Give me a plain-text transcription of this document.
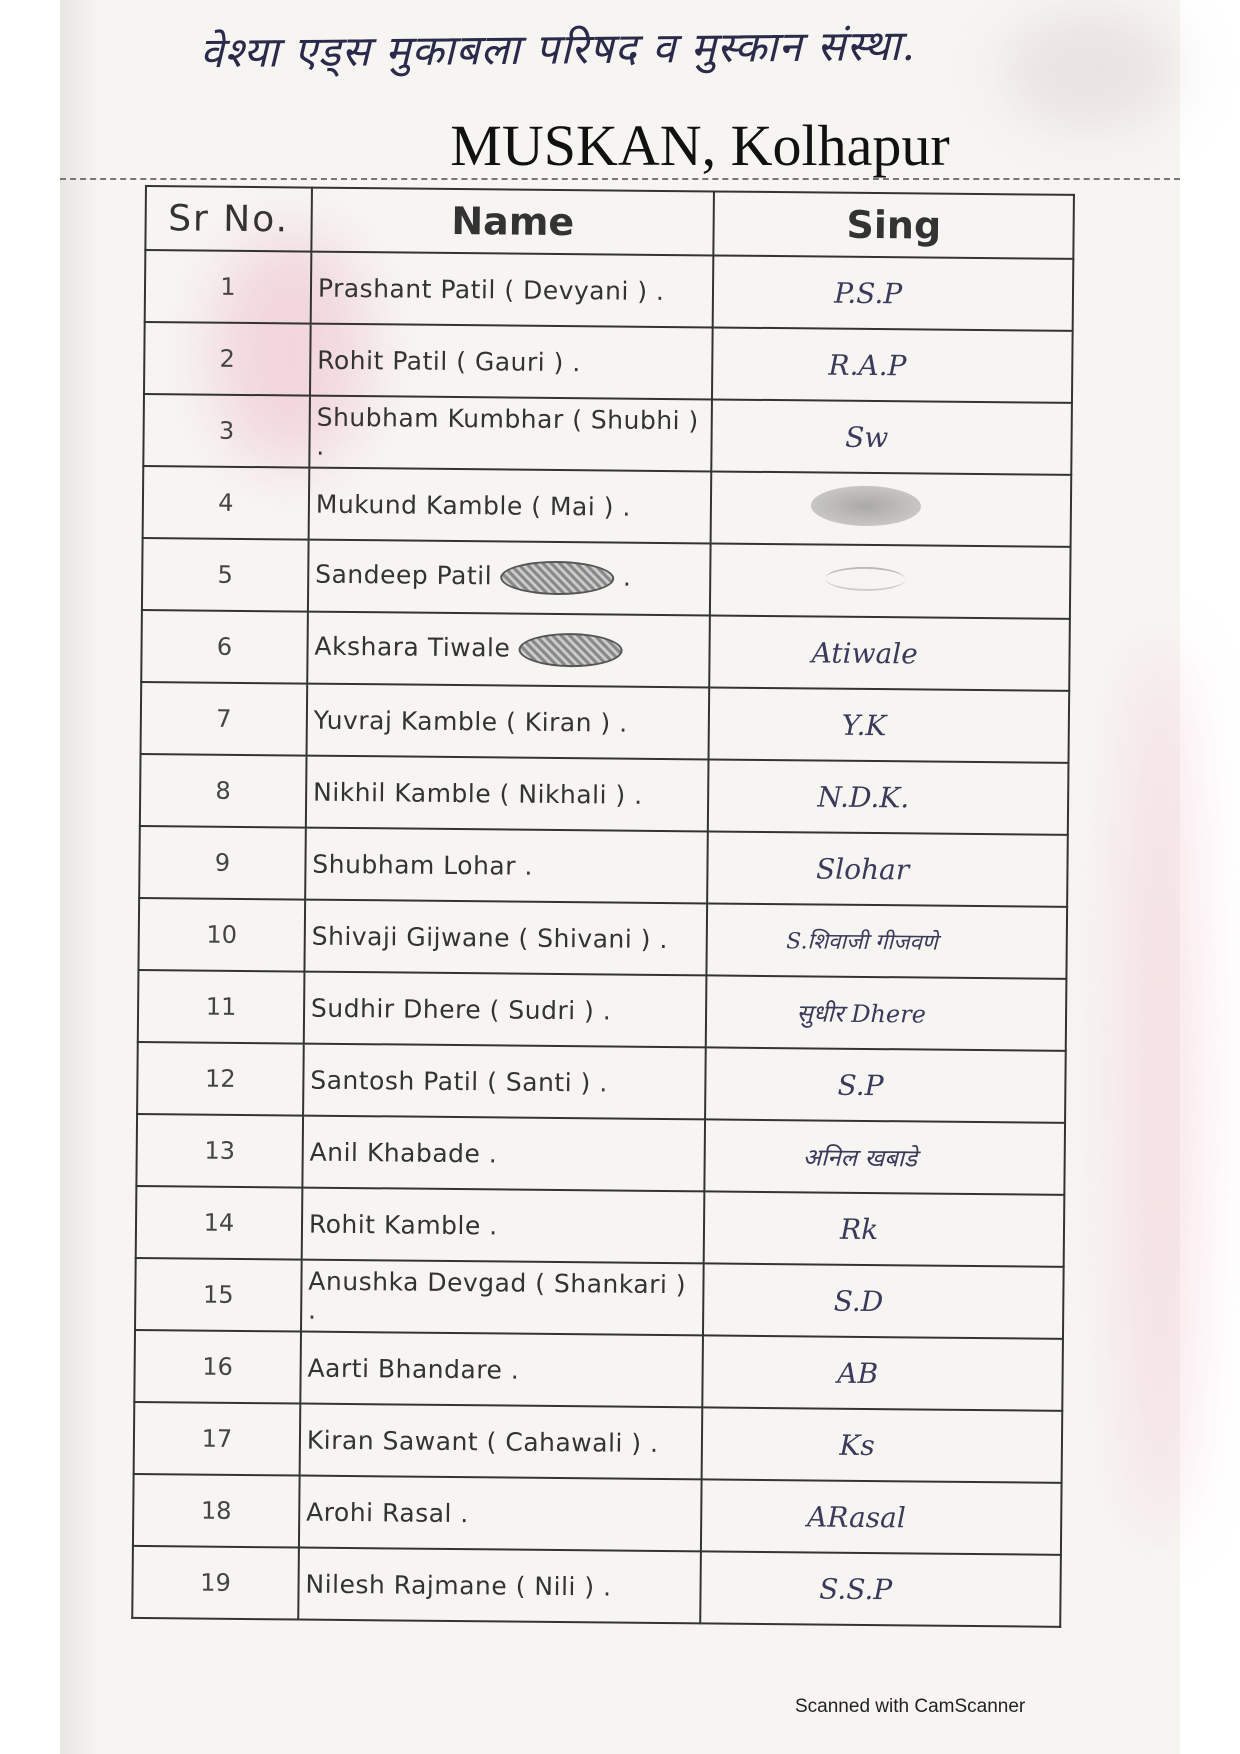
वेश्या एड्स मुकाबला परिषद व मुस्कान संस्था.
MUSKAN, Kolhapur
Sr No.	Name	Sing
1	Prashant Patil ( Devyani ) .	P.S.P
2	Rohit Patil ( Gauri ) .	R.A.P
3	Shubham Kumbhar ( Shubhi ) .	Sw
4	Mukund Kamble ( Mai ) .	
5	Sandeep Patil .	
6	Akshara Tiwale	Atiwale
7	Yuvraj Kamble ( Kiran ) .	Y.K
8	Nikhil Kamble ( Nikhali ) .	N.D.K.
9	Shubham Lohar .	Slohar
10	Shivaji Gijwane ( Shivani ) .	S.शिवाजी गीजवणे
11	Sudhir Dhere ( Sudri ) .	सुधीर Dhere
12	Santosh Patil ( Santi ) .	S.P
13	Anil Khabade .	अनिल खबाडे
14	Rohit Kamble .	Rk
15	Anushka Devgad ( Shankari ) .	S.D
16	Aarti Bhandare .	AB
17	Kiran Sawant ( Cahawali ) .	Ks
18	Arohi Rasal .	ARasal
19	Nilesh Rajmane ( Nili ) .	S.S.P
Scanned with CamScanner
